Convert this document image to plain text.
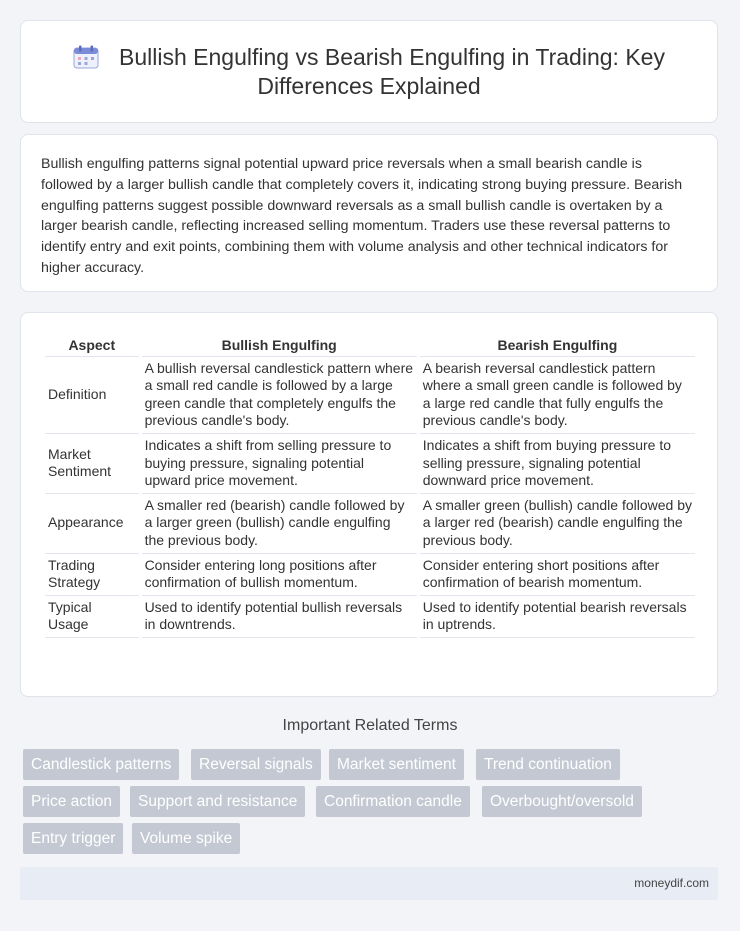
Bullish Engulfing vs Bearish Engulfing in Trading: Key
Differences Explained
Bullish engulfing patterns signal potential upward price reversals when a small bearish candle is followed by a larger bullish candle that completely covers it, indicating strong buying pressure. Bearish engulfing patterns suggest possible downward reversals as a small bullish candle is overtaken by a larger bearish candle, reflecting increased selling momentum. Traders use these reversal patterns to identify entry and exit points, combining them with volume analysis and other technical indicators for higher accuracy.
Aspect	Bullish Engulfing	Bearish Engulfing
Definition	A bullish reversal candlestick pattern where a small red candle is followed by a large green candle that completely engulfs the previous candle's body.	A bearish reversal candlestick pattern where a small green candle is followed by a large red candle that fully engulfs the previous candle's body.
Market Sentiment	Indicates a shift from selling pressure to buying pressure, signaling potential upward price movement.	Indicates a shift from buying pressure to selling pressure, signaling potential downward price movement.
Appearance	A smaller red (bearish) candle followed by a larger green (bullish) candle engulfing the previous body.	A smaller green (bullish) candle followed by a larger red (bearish) candle engulfing the previous body.
Trading Strategy	Consider entering long positions after confirmation of bullish momentum.	Consider entering short positions after confirmation of bearish momentum.
Typical Usage	Used to identify potential bullish reversals in downtrends.	Used to identify potential bearish reversals in uptrends.
Important Related Terms
Candlestick patterns	Reversal signals	Market sentiment	Trend continuation
Price action	Support and resistance	Confirmation candle	Overbought/oversold
Entry trigger	Volume spike
moneydif.com
